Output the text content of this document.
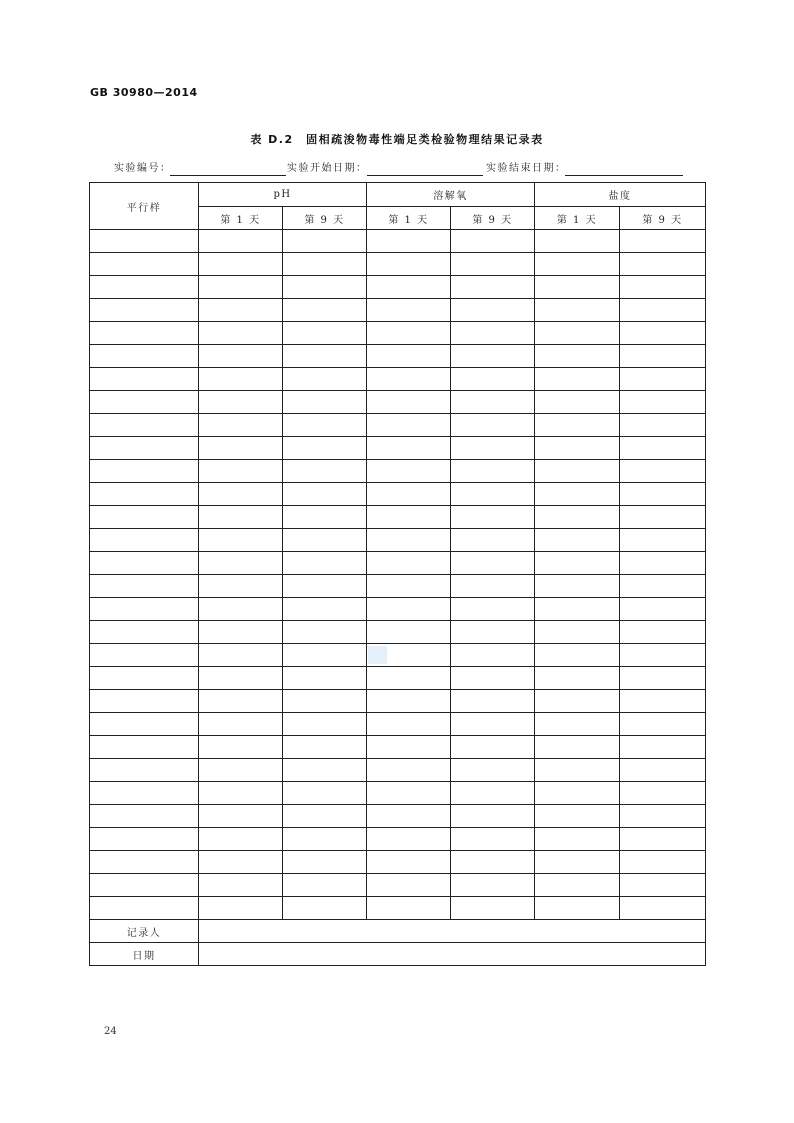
GB 30980—2014
表 D.2　固相疏浚物毒性端足类检验物理结果记录表
实验编号：	实验开始日期：	实验结束日期：
平行样	pH		溶解氧		盐度	
	第 1 天	第 9 天	第 1 天	第 9 天	第 1 天	第 9 天

记录人						
日期						
24
